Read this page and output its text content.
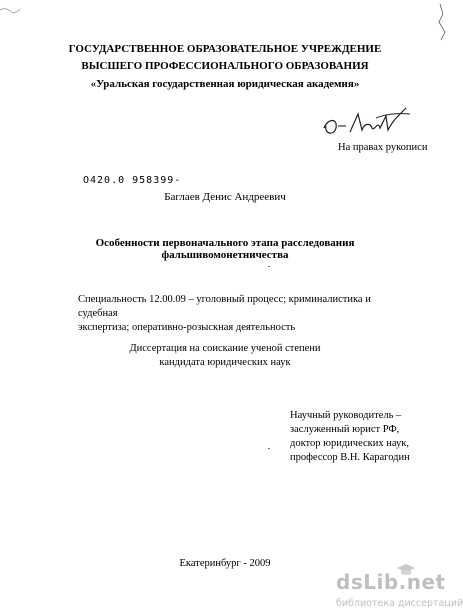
ГОСУДАРСТВЕННОЕ ОБРАЗОВАТЕЛЬНОЕ УЧРЕЖДЕНИЕ
ВЫСШЕГО ПРОФЕССИОНАЛЬНОГО ОБРАЗОВАНИЯ
«Уральская государственная юридическая академия»
На правах рукописи
О420.0 958399-
Баглаев Денис Андреевич
Особенности первоначального этапа расследования
фальшивомонетничества
Специальность 12.00.09 – уголовный процесс; криминалистика и судебная
экспертиза; оперативно-розыскная деятельность
Диссертация на соискание ученой степени
кандидата юридических наук
Научный руководитель –
заслуженный юрист РФ,
доктор юридических наук,
профессор В.Н. Карагодин
Екатеринбург - 2009
dsLib.net
библиотека диссертаций
